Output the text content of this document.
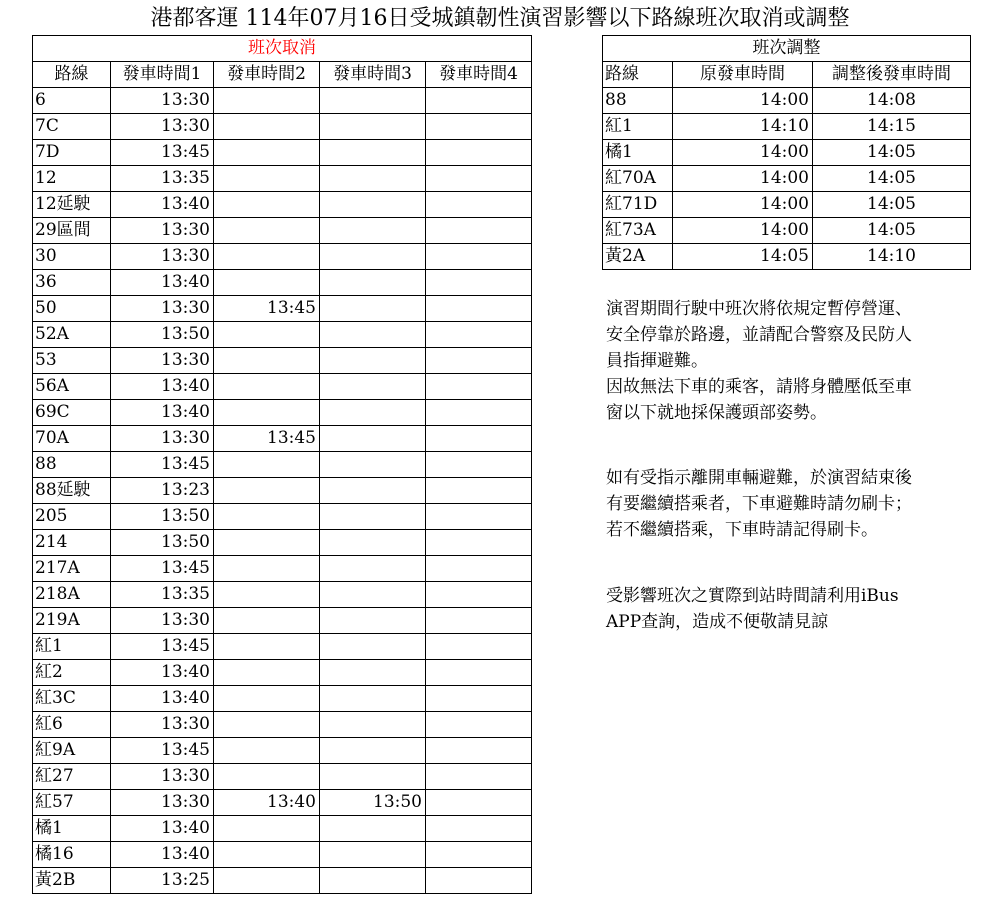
港都客運 114年07月16日受城鎮韌性演習影響以下路線班次取消或調整
班次取消				
路線	發車時間1	發車時間2	發車時間3	發車時間4
6	13:30			
7C	13:30			
7D	13:45			
12	13:35			
12延駛	13:40			
29區間	13:30			
30	13:30			
36	13:40			
50	13:30	13:45		
52A	13:50			
53	13:30			
56A	13:40			
69C	13:40			
70A	13:30	13:45		
88	13:45			
88延駛	13:23			
205	13:50			
214	13:50			
217A	13:45			
218A	13:35			
219A	13:30			
紅1	13:45			
紅2	13:40			
紅3C	13:40			
紅6	13:30			
紅9A	13:45			
紅27	13:30			
紅57	13:30	13:40	13:50	
橘1	13:40			
橘16	13:40			
黃2B	13:25			
班次調整		
路線	原發車時間	調整後發車時間
88	14:00	14:08
紅1	14:10	14:15
橘1	14:00	14:05
紅70A	14:00	14:05
紅71D	14:00	14:05
紅73A	14:00	14:05
黃2A	14:05	14:10

演習期間行駛中班次將依規定暫停營運、

安全停靠於路邊，並請配合警察及民防人

員指揮避難。

因故無法下車的乘客，請將身體壓低至車

窗以下就地採保護頭部姿勢。

如有受指示離開車輛避難，於演習結束後

有要繼續搭乘者，下車避難時請勿刷卡；

若不繼續搭乘，下車時請記得刷卡。

受影響班次之實際到站時間請利用iBus

APP查詢，造成不便敬請見諒
